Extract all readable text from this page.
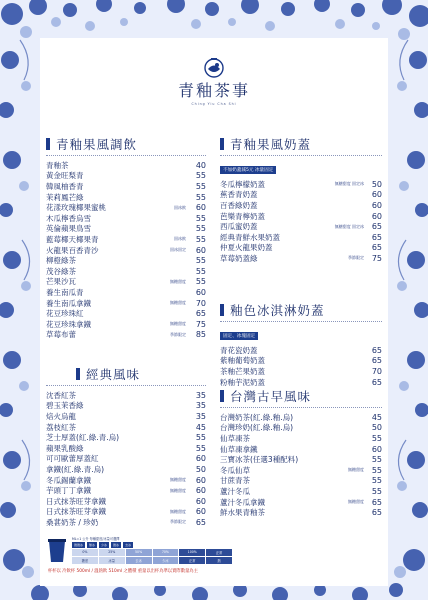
青釉茶事
Ching Yiu Cha Shi
青釉果風調飲
青釉茶	40
黃金旺梨青	55
韓風柚香青	55
茉莉鳳芒綠	55
花漾玫瑰椰果蜜桃	固冰飲	60
木瓜檸香烏雪	55
英倫蘋果鳥雪	55
藍莓椰天椰果青	固冰飲	55
火龍果百香青沙	固冰固定	60
柳橙綠茶	55
茂谷綠茶	55
芒果沙瓦	無糖甜度	55
養生南瓜青	60
養生南瓜拿鐵	無糖甜度	70
花豆珍珠紅	65
花豆珍珠拿鐵	無糖甜度	75
草莓布蕾	季節限定	85
經典風味
沈香紅茶	35
碧玉茉香綠	35
焙火烏龍	35
荔枝紅茶	45
芝士厚蓋(紅.綠.青.烏)	55
蘋果乳酸綠	55
可可歐蕾厚蓋紅	60
拿鐵(紅.綠.青.烏)	50
冬瓜錫蘭拿鐵	無糖甜度	60
芋頭丁丁拿鐵	無糖甜度	60
日式抹茶旺芽拿鐵	60
日式抹茶旺芽拿鐵	無糖甜度	60
桑葚奶茶 / 珍奶	季節限定	65
青釉果風奶蓋
不加奶蓋減5元 冰量固定
冬瓜檸檬奶蓋	無糖甜度 固定冰 50
蕉香青奶蓋	60
百香綠奶蓋	60
芭樂青檸奶蓋	60
西瓜蜜奶蓋	無糖甜度 固定冰 65
經典青鮮水果奶蓋	65
仲夏火龍果奶蓋	65
草莓奶蓋綠	季節限定 75
釉色冰淇淋奶蓋
固定、冰塊固定
青花瓷奶蓋	65
紫釉葡萄奶蓋	65
茶釉芒果奶蓋	70
粉釉芋泥奶蓋	65
台灣古早風味
台灣奶茶(紅.綠.釉.烏)	45
台灣珍奶(紅.綠.釉.烏)	50
仙草凍茶	55
仙草凍拿鐵	60
三寶冰茶(任選3種配料)	55
冬瓜仙草	無糖甜度 55
甘蔗青茶	55
蘆汁冬瓜	55
蘆汁冬瓜拿鐵	無糖甜度 65
鮮水果青釉茶	65
ML=1 公升 每種甜度/冰量可選擇
微微冰	無冰	少冰	微冰	去冰
0%	25%	50%	70%	100%	正常
糖度	冰量	去冰	少冰	正常	熱
杯杯以 冷飲杯 500ml / 溫熱飲 510ml 之體積 重量以出杯為準以實際數量為主
